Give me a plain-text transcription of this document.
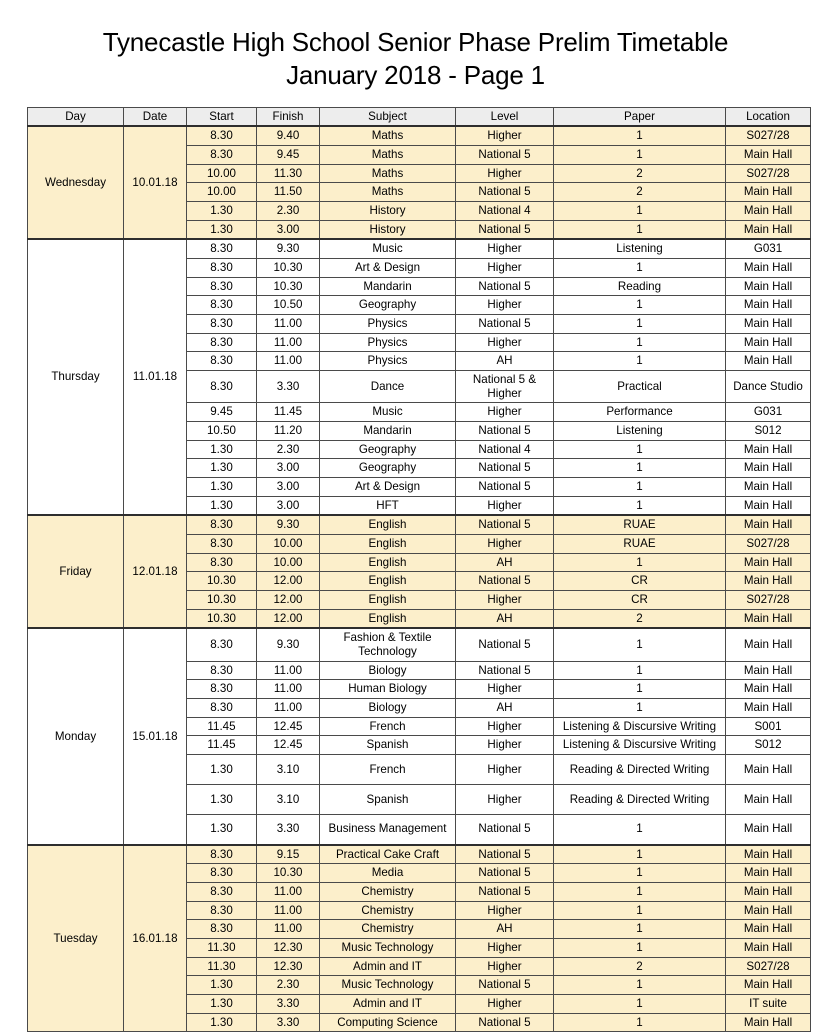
Tynecastle High School Senior Phase Prelim Timetable
January 2018 - Page 1
Day	Date	Start	Finish	Subject	Level	Paper	Location
Wednesday	10.01.18	8.30	9.40	Maths	Higher	1	S027/28
		8.30	9.45	Maths	National 5	1	Main Hall
		10.00	11.30	Maths	Higher	2	S027/28
		10.00	11.50	Maths	National 5	2	Main Hall
		1.30	2.30	History	National 4	1	Main Hall
		1.30	3.00	History	National 5	1	Main Hall
Thursday	11.01.18	8.30	9.30	Music	Higher	Listening	G031
		8.30	10.30	Art & Design	Higher	1	Main Hall
		8.30	10.30	Mandarin	National 5	Reading	Main Hall
		8.30	10.50	Geography	Higher	1	Main Hall
		8.30	11.00	Physics	National 5	1	Main Hall
		8.30	11.00	Physics	Higher	1	Main Hall
		8.30	11.00	Physics	AH	1	Main Hall
		8.30	3.30	Dance	National 5 & Higher	Practical	Dance Studio
		9.45	11.45	Music	Higher	Performance	G031
		10.50	11.20	Mandarin	National 5	Listening	S012
		1.30	2.30	Geography	National 4	1	Main Hall
		1.30	3.00	Geography	National 5	1	Main Hall
		1.30	3.00	Art & Design	National 5	1	Main Hall
		1.30	3.00	HFT	Higher	1	Main Hall
Friday	12.01.18	8.30	9.30	English	National 5	RUAE	Main Hall
		8.30	10.00	English	Higher	RUAE	S027/28
		8.30	10.00	English	AH	1	Main Hall
		10.30	12.00	English	National 5	CR	Main Hall
		10.30	12.00	English	Higher	CR	S027/28
		10.30	12.00	English	AH	2	Main Hall
Monday	15.01.18	8.30	9.30	Fashion & Textile Technology	National 5	1	Main Hall
		8.30	11.00	Biology	National 5	1	Main Hall
		8.30	11.00	Human Biology	Higher	1	Main Hall
		8.30	11.00	Biology	AH	1	Main Hall
		11.45	12.45	French	Higher	Listening & Discursive Writing	S001
		11.45	12.45	Spanish	Higher	Listening & Discursive Writing	S012
		1.30	3.10	French	Higher	Reading & Directed Writing	Main Hall
		1.30	3.10	Spanish	Higher	Reading & Directed Writing	Main Hall
		1.30	3.30	Business Management	National 5	1	Main Hall
Tuesday	16.01.18	8.30	9.15	Practical Cake Craft	National 5	1	Main Hall
		8.30	10.30	Media	National 5	1	Main Hall
		8.30	11.00	Chemistry	National 5	1	Main Hall
		8.30	11.00	Chemistry	Higher	1	Main Hall
		8.30	11.00	Chemistry	AH	1	Main Hall
		11.30	12.30	Music Technology	Higher	1	Main Hall
		11.30	12.30	Admin and IT	Higher	2	S027/28
		1.30	2.30	Music Technology	National 5	1	Main Hall
		1.30	3.30	Admin and IT	Higher	1	IT suite
		1.30	3.30	Computing Science	National 5	1	Main Hall
